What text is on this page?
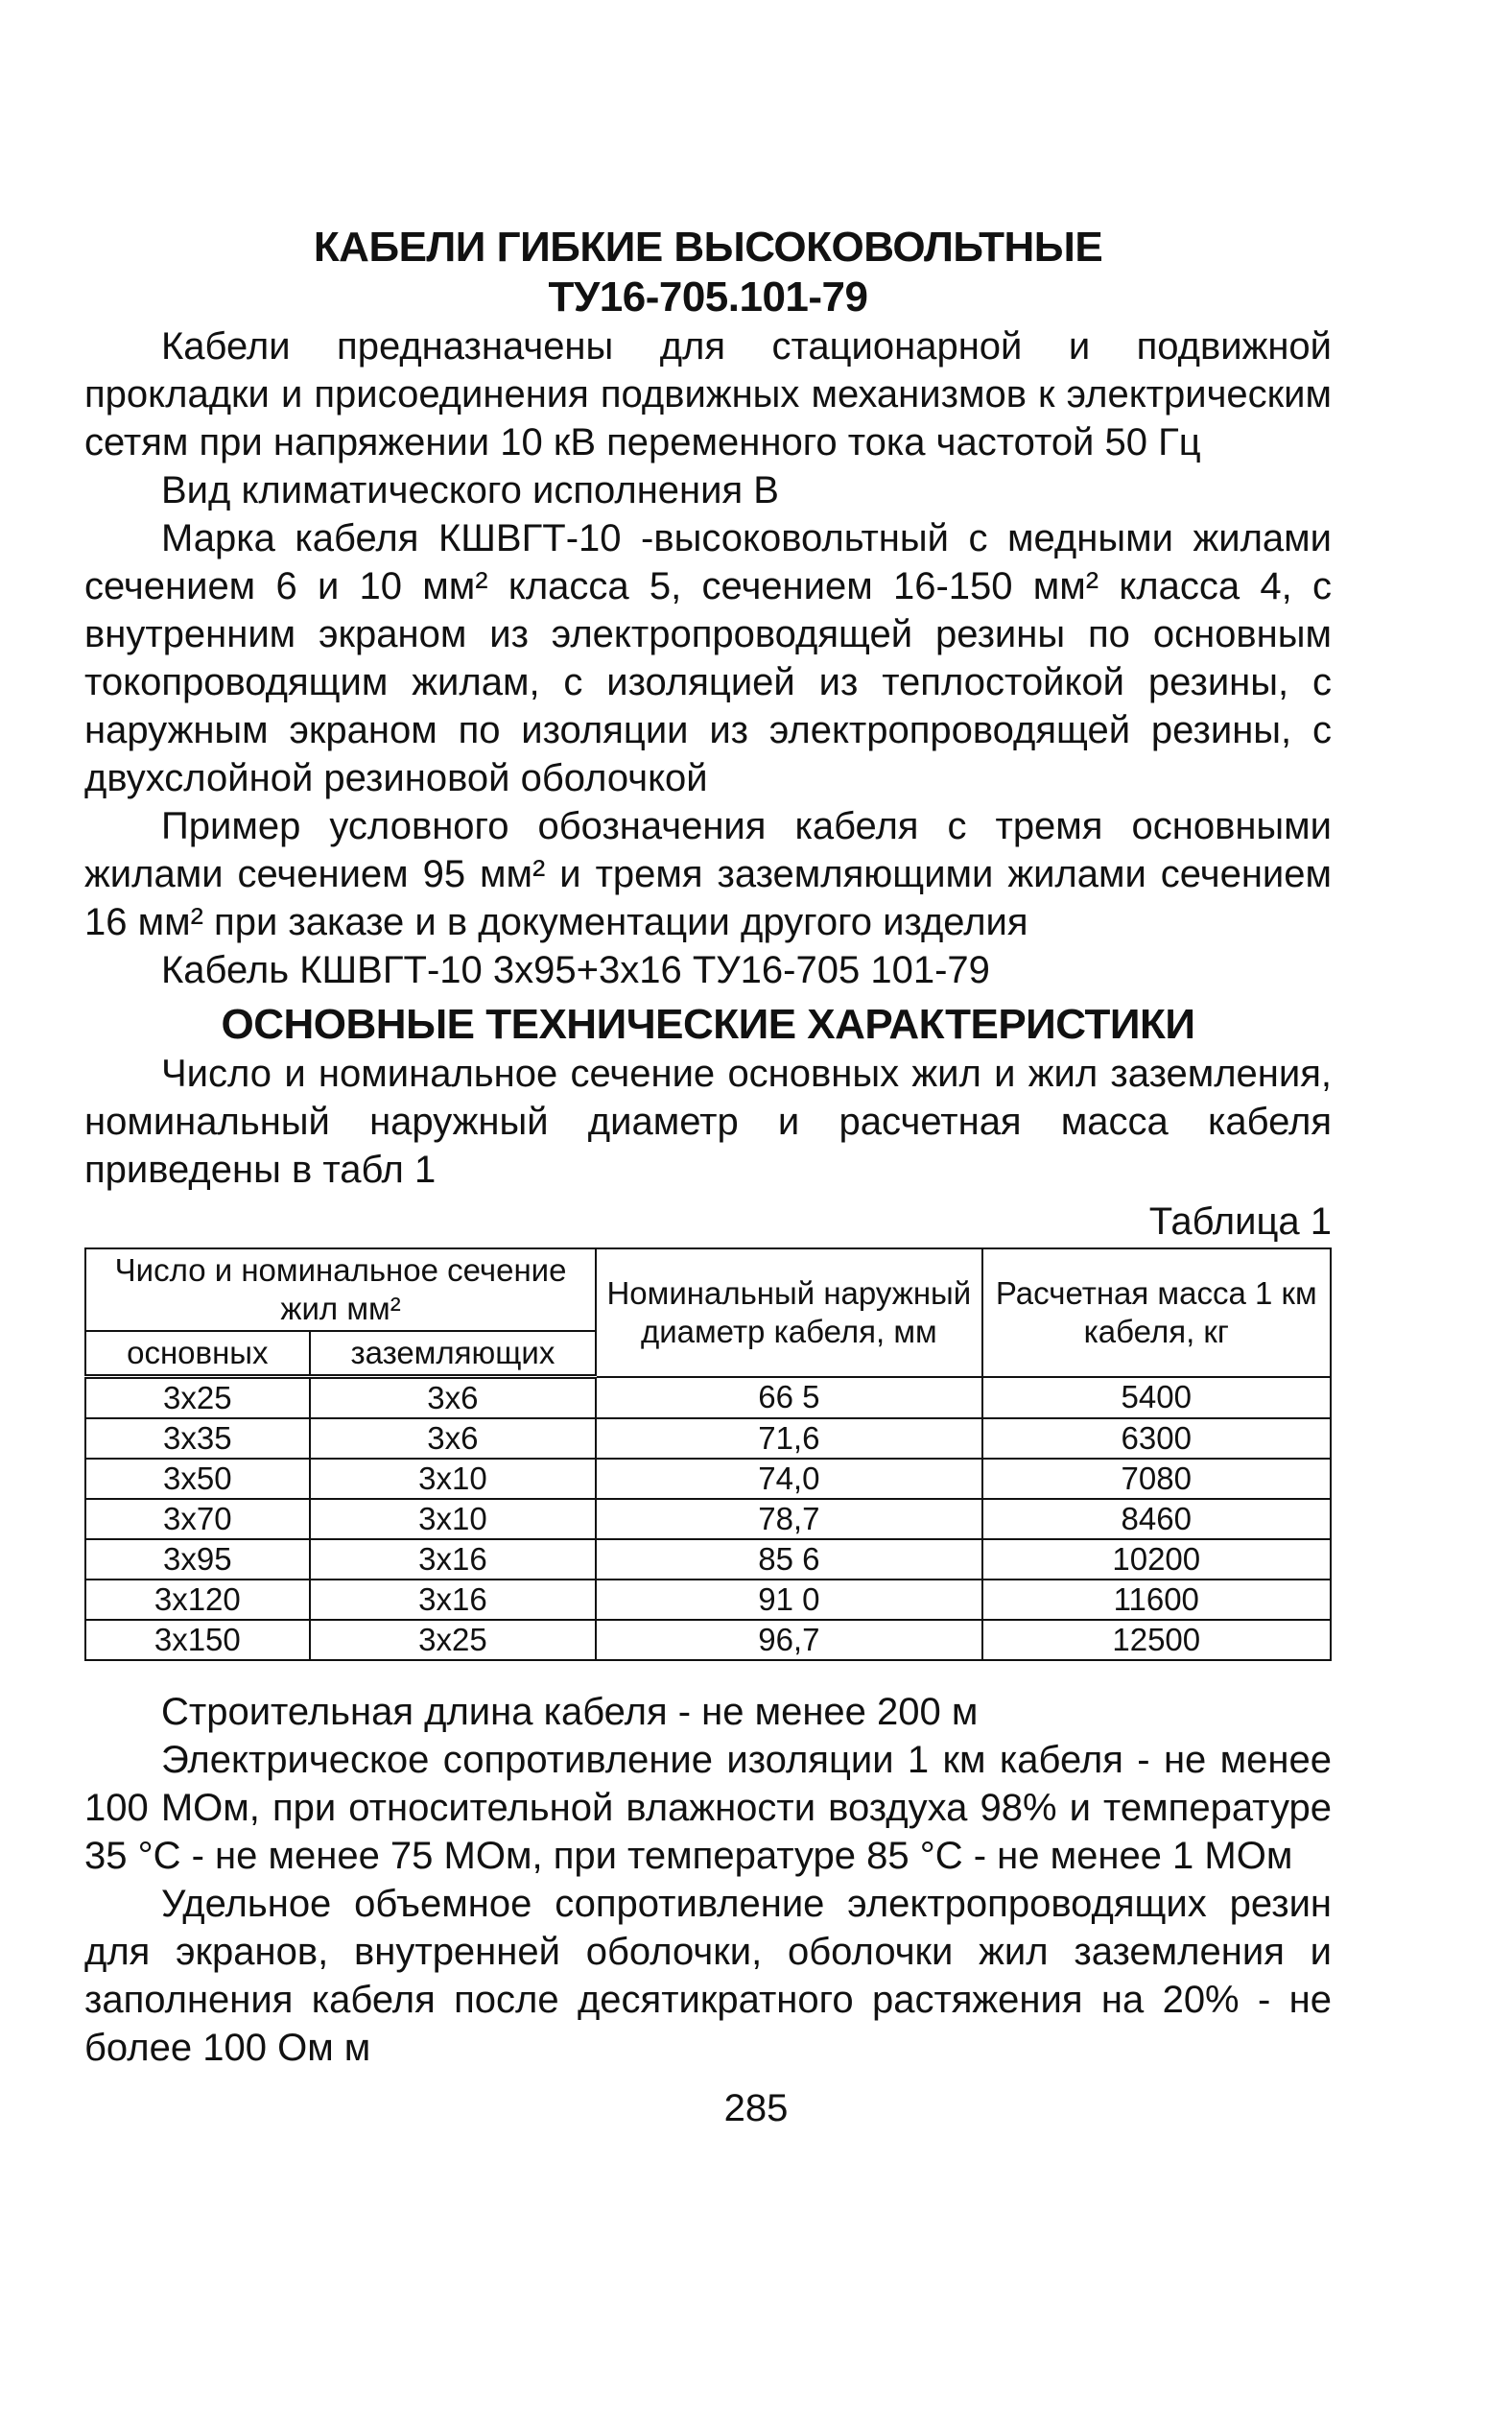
КАБЕЛИ ГИБКИЕ ВЫСОКОВОЛЬТНЫЕ
ТУ16-705.101-79

Кабели предназначены для стационарной и подвижной прокладки и присоединения подвижных механизмов к электрическим сетям при напряжении 10 кВ переменного тока частотой 50 Гц

Вид климатического исполнения В

Марка кабеля КШВГТ-10 -высоковольтный с медными жилами сечением 6 и 10 мм² класса 5, сечением 16-150 мм² класса 4, с внутренним экраном из электропроводящей резины по основным токопроводящим жилам, с изоляцией из теплостойкой резины, с наружным экраном по изоляции из электропроводящей резины, с двухслойной резиновой оболочкой

Пример условного обозначения кабеля с тремя основными жилами сечением 95 мм² и тремя заземляющими жилами сечением 16 мм² при заказе и в документации другого изделия

Кабель КШВГТ-10 3х95+3х16 ТУ16-705 101-79

ОСНОВНЫЕ ТЕХНИЧЕСКИЕ ХАРАКТЕРИСТИКИ

Число и номинальное сечение основных жил и жил заземления, номинальный наружный диаметр и расчетная масса кабеля приведены в табл 1

Таблица 1
Число и номинальное сечение жил мм²		Номинальный наружный диаметр кабеля, мм	Расчетная масса 1 км кабеля, кг
основных	заземляющих		
3х25	3х6	66 5	5400
3х35	3х6	71,6	6300
3х50	3х10	74,0	7080
3х70	3х10	78,7	8460
3х95	3х16	85 6	10200
3х120	3х16	91 0	11600
3х150	3х25	96,7	12500

Строительная длина кабеля - не менее 200 м

Электрическое сопротивление изоляции 1 км кабеля - не менее 100 МОм, при относительной влажности воздуха 98% и температуре 35 °С - не менее 75 МОм, при температуре 85 °С - не менее 1 МОм

Удельное объемное сопротивление электропроводящих резин для экранов, внутренней оболочки, оболочки жил заземления и заполнения кабеля после десятикратного растяжения на 20% - не более 100 Ом м

285
